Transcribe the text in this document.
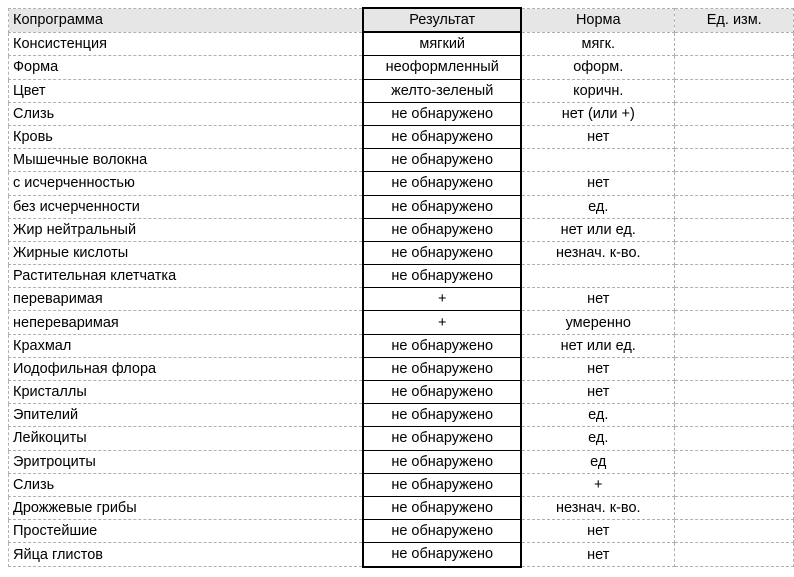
Копрограмма	Результат	Норма	Ед. изм.
Консистенция	мягкий	мягк.	
Форма	неоформленный	оформ.	
Цвет	желто-зеленый	коричн.	
Слизь	не обнаружено	нет (или +)	
Кровь	не обнаружено	нет	
Мышечные волокна	не обнаружено		
с исчерченностью	не обнаружено	нет	
без исчерченности	не обнаружено	ед.	
Жир нейтральный	не обнаружено	нет или ед.	
Жирные кислоты	не обнаружено	незнач. к-во.	
Растительная клетчатка	не обнаружено		
переваримая	+	нет	
непереваримая	+	умеренно	
Крахмал	не обнаружено	нет или ед.	
Иодофильная флора	не обнаружено	нет	
Кристаллы	не обнаружено	нет	
Эпителий	не обнаружено	ед.	
Лейкоциты	не обнаружено	ед.	
Эритроциты	не обнаружено	ед	
Слизь	не обнаружено	+	
Дрожжевые грибы	не обнаружено	незнач. к-во.	
Простейшие	не обнаружено	нет	
Яйца глистов	не обнаружено	нет	
